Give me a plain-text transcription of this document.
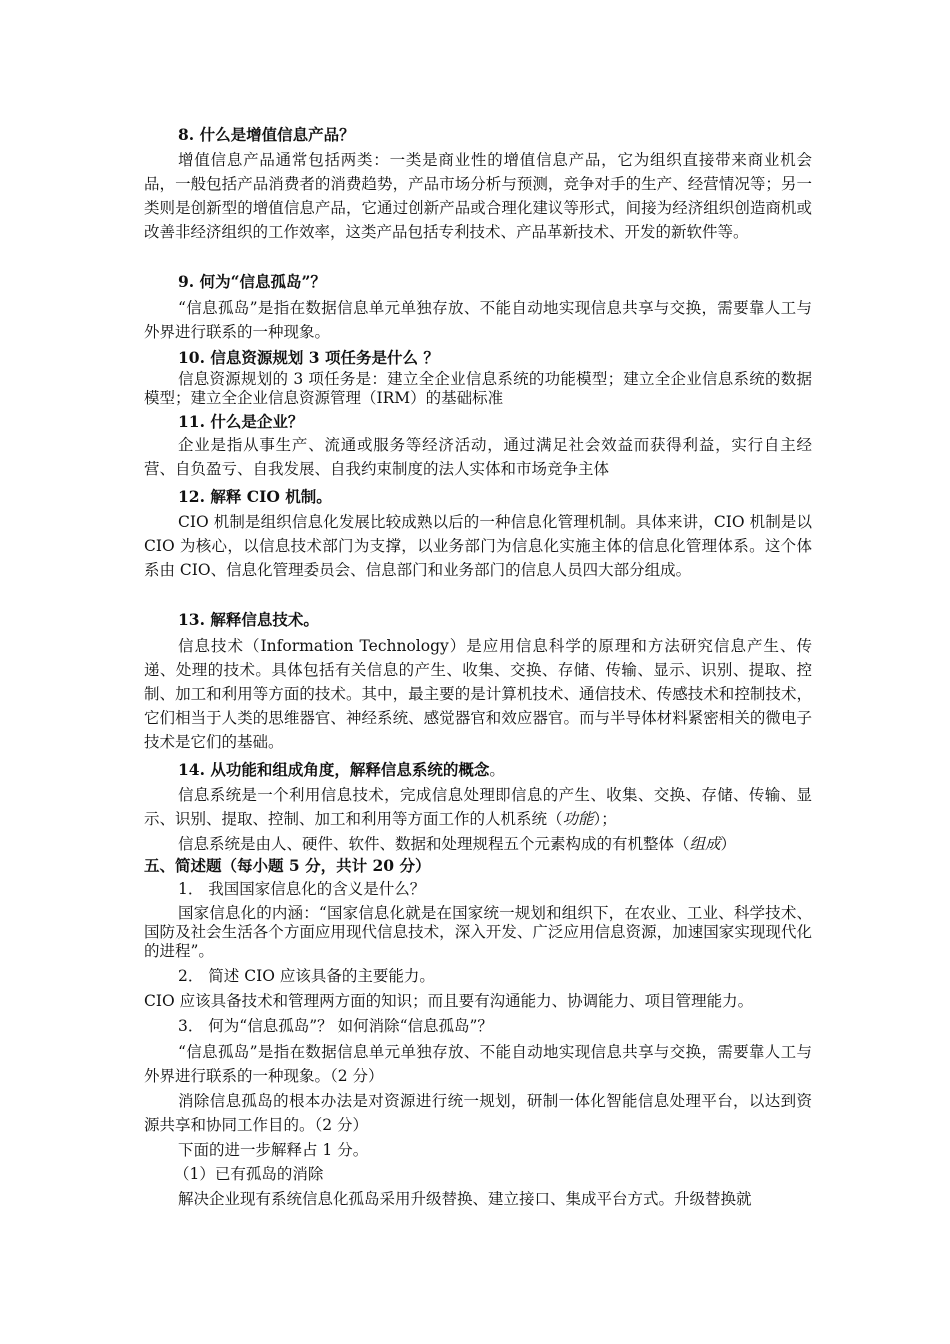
8. 什么是增值信息产品？

增值信息产品通常包括两类：一类是商业性的增值信息产品，它为组织直接带来商业机会品，一般包括产品消费者的消费趋势，产品市场分析与预测，竞争对手的生产、经营情况等；另一类则是创新型的增值信息产品，它通过创新产品或合理化建议等形式，间接为经济组织创造商机或改善非经济组织的工作效率，这类产品包括专利技术、产品革新技术、开发的新软件等。

9. 何为“信息孤岛”？

“信息孤岛”是指在数据信息单元单独存放、不能自动地实现信息共享与交换，需要靠人工与外界进行联系的一种现象。

10. 信息资源规划 3 项任务是什么 ？

信息资源规划的 3 项任务是：建立全企业信息系统的功能模型；建立全企业信息系统的数据模型；建立全企业信息资源管理（IRM）的基础标准

11. 什么是企业？

企业是指从事生产、流通或服务等经济活动，通过满足社会效益而获得利益，实行自主经营、自负盈亏、自我发展、自我约束制度的法人实体和市场竞争主体

12. 解释 CIO 机制。

CIO 机制是组织信息化发展比较成熟以后的一种信息化管理机制。具体来讲，CIO 机制是以 CIO 为核心，以信息技术部门为支撑，以业务部门为信息化实施主体的信息化管理体系。这个体系由 CIO、信息化管理委员会、信息部门和业务部门的信息人员四大部分组成。

13. 解释信息技术。

信息技术（Information Technology）是应用信息科学的原理和方法研究信息产生、传递、处理的技术。具体包括有关信息的产生、收集、交换、存储、传输、显示、识别、提取、控制、加工和利用等方面的技术。其中，最主要的是计算机技术、通信技术、传感技术和控制技术，它们相当于人类的思维器官、神经系统、感觉器官和效应器官。而与半导体材料紧密相关的微电子技术是它们的基础。

14. 从功能和组成角度，解释信息系统的概念。

信息系统是一个利用信息技术，完成信息处理即信息的产生、收集、交换、存储、传输、显示、识别、提取、控制、加工和利用等方面工作的人机系统（功能）；

信息系统是由人、硬件、软件、数据和处理规程五个元素构成的有机整体（组成）

五、简述题（每小题 5 分，共计 20 分）

1． 我国国家信息化的含义是什么？

国家信息化的内涵：“国家信息化就是在国家统一规划和组织下，在农业、工业、科学技术、国防及社会生活各个方面应用现代信息技术，深入开发、广泛应用信息资源，加速国家实现现代化的进程”。

2． 简述 CIO 应该具备的主要能力。

CIO 应该具备技术和管理两方面的知识；而且要有沟通能力、协调能力、项目管理能力。

3． 何为“信息孤岛”？ 如何消除“信息孤岛”？

“信息孤岛”是指在数据信息单元单独存放、不能自动地实现信息共享与交换，需要靠人工与外界进行联系的一种现象。（2 分）

消除信息孤岛的根本办法是对资源进行统一规划，研制一体化智能信息处理平台，以达到资源共享和协同工作目的。（2 分）

下面的进一步解释占 1 分。

（1）已有孤岛的消除

解决企业现有系统信息化孤岛采用升级替换、建立接口、集成平台方式。升级替换就
